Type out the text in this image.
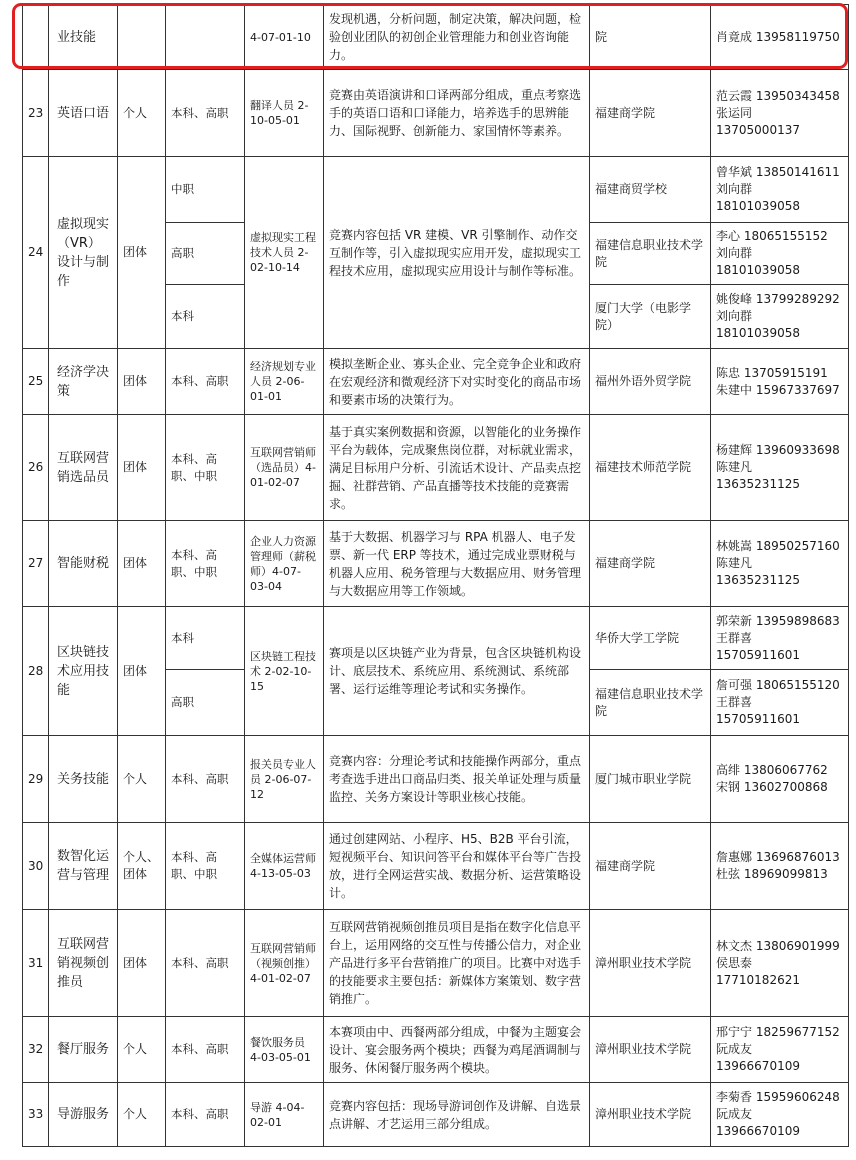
	业技能			4-07-01-10	发现机遇，分析问题，制定决策，解决问题，检验创业团队的初创企业管理能力和创业咨询能力。	院	肖竟成 13958119750

23	英语口语	个人	本科、高职	翻译人员 2-10-05-01	竞赛由英语演讲和口译两部分组成，重点考察选手的英语口语和口译能力，培养选手的思辨能力、国际视野、创新能力、家国情怀等素养。	福建商学院	范云霞 13950343458
张运同
13705000137

24	虚拟现实（VR）设计与制作	团体	中职	虚拟现实工程技术人员 2-02-10-14	竞赛内容包括 VR 建模、VR 引擎制作、动作交互制作等，引入虚拟现实应用开发，虚拟现实工程技术应用，虚拟现实应用设计与制作等标准。	福建商贸学校	曾华斌 13850141611
刘向群
18101039058

			高职			福建信息职业技术学院	李心 18065155152
刘向群
18101039058

			本科			厦门大学（电影学院）	姚俊峰 13799289292
刘向群
18101039058

25	经济学决策	团体	本科、高职	经济规划专业人员 2-06-01-01	模拟垄断企业、寡头企业、完全竞争企业和政府在宏观经济和微观经济下对实时变化的商品市场和要素市场的决策行为。	福州外语外贸学院	陈忠 13705915191
朱建中 15967337697

26	互联网营销选品员	团体	本科、高职、中职	互联网营销师（选品员）4-01-02-07	基于真实案例数据和资源，以智能化的业务操作平台为载体，完成聚焦岗位群，对标就业需求，满足目标用户分析、引流话术设计、产品卖点挖掘、社群营销、产品直播等技术技能的竞赛需求。	福建技术师范学院	杨建辉 13960933698
陈建凡
13635231125

27	智能财税	团体	本科、高职、中职	企业人力资源管理师（薪税师）4-07-03-04	基于大数据、机器学习与 RPA 机器人、电子发票、新一代 ERP 等技术，通过完成业票财税与机器人应用、税务管理与大数据应用、财务管理与大数据应用等工作领域。	福建商学院	林姚嵩 18950257160
陈建凡
13635231125

28	区块链技术应用技能	团体	本科	区块链工程技术 2-02-10-15	赛项是以区块链产业为背景，包含区块链机构设计、底层技术、系统应用、系统测试、系统部署、运行运维等理论考试和实务操作。	华侨大学工学院	郭荣新 13959898683
王群喜
15705911601

			高职			福建信息职业技术学院	詹可强 18065155120
王群喜
15705911601

29	关务技能	个人	本科、高职	报关员专业人员 2-06-07-12	竞赛内容：分理论考试和技能操作两部分，重点考查选手进出口商品归类、报关单证处理与质量监控、关务方案设计等职业核心技能。	厦门城市职业学院	高绯 13806067762
宋钢 13602700868

30	数智化运营与管理	个人、团体	本科、高职、中职	全媒体运营师 4-13-05-03	通过创建网站、小程序、H5、B2B 平台引流，短视频平台、知识问答平台和媒体平台等广告投放，进行全网运营实战、数据分析、运营策略设计。	福建商学院	詹惠娜 13696876013
杜弦 18969099813

31	互联网营销视频创推员	团体	本科、高职	互联网营销师（视频创推）4-01-02-07	互联网营销视频创推员项目是指在数字化信息平台上，运用网络的交互性与传播公信力，对企业产品进行多平台营销推广的项目。比赛中对选手的技能要求主要包括：新媒体方案策划、数字营销推广。	漳州职业技术学院	林文杰 13806901999
侯思泰
17710182621

32	餐厅服务	个人	本科、高职	餐饮服务员 4-03-05-01	本赛项由中、西餐两部分组成，中餐为主题宴会设计、宴会服务两个模块；西餐为鸡尾酒调制与服务、休闲餐厅服务两个模块。	漳州职业技术学院	邢宁宁 18259677152
阮成友
13966670109

33	导游服务	个人	本科、高职	导游 4-04-02-01	竞赛内容包括：现场导游词创作及讲解、自选景点讲解、才艺运用三部分组成。	漳州职业技术学院	李菊香 15959606248
阮成友
13966670109
